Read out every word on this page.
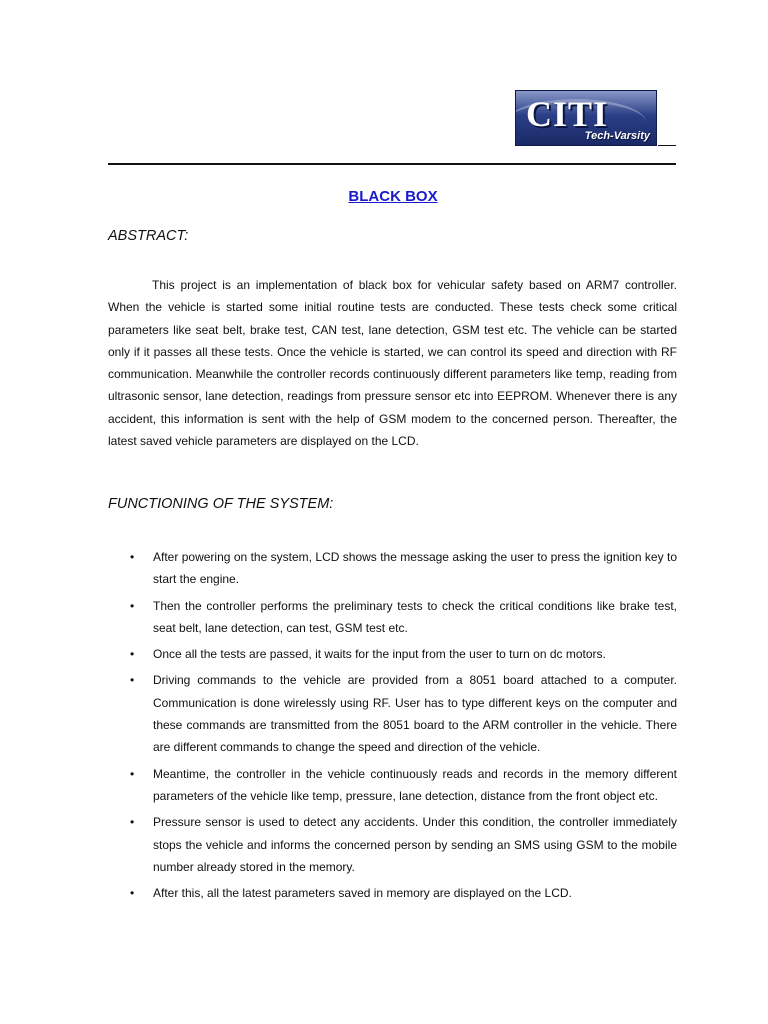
CITI
Tech-Varsity
BLACK BOX
ABSTRACT:

This project is an implementation of black box for vehicular safety based on ARM7 controller. When the vehicle is started some initial routine tests are conducted. These tests check some critical parameters like seat belt, brake test, CAN test, lane detection, GSM test etc. The vehicle can be started only if it passes all these tests. Once the vehicle is started, we can control its speed and direction with RF communication. Meanwhile the controller records continuously different parameters like temp, reading from ultrasonic sensor, lane detection, readings from pressure sensor etc into EEPROM. Whenever there is any accident, this information is sent with the help of GSM modem to the concerned person. Thereafter, the latest saved vehicle parameters are displayed on the LCD.

FUNCTIONING OF THE SYSTEM:
• After powering on the system, LCD shows the message asking the user to press the ignition key to start the engine.
• Then the controller performs the preliminary tests to check the critical conditions like brake test, seat belt, lane detection, can test, GSM test etc.
• Once all the tests are passed, it waits for the input from the user to turn on dc motors.
• Driving commands to the vehicle are provided from a 8051 board attached to a computer. Communication is done wirelessly using RF. User has to type different keys on the computer and these commands are transmitted from the 8051 board to the ARM controller in the vehicle. There are different commands to change the speed and direction of the vehicle.
• Meantime, the controller in the vehicle continuously reads and records in the memory different parameters of the vehicle like temp, pressure, lane detection, distance from the front object etc.
• Pressure sensor is used to detect any accidents. Under this condition, the controller immediately stops the vehicle and informs the concerned person by sending an SMS using GSM to the mobile number already stored in the memory.
• After this, all the latest parameters saved in memory are displayed on the LCD.
